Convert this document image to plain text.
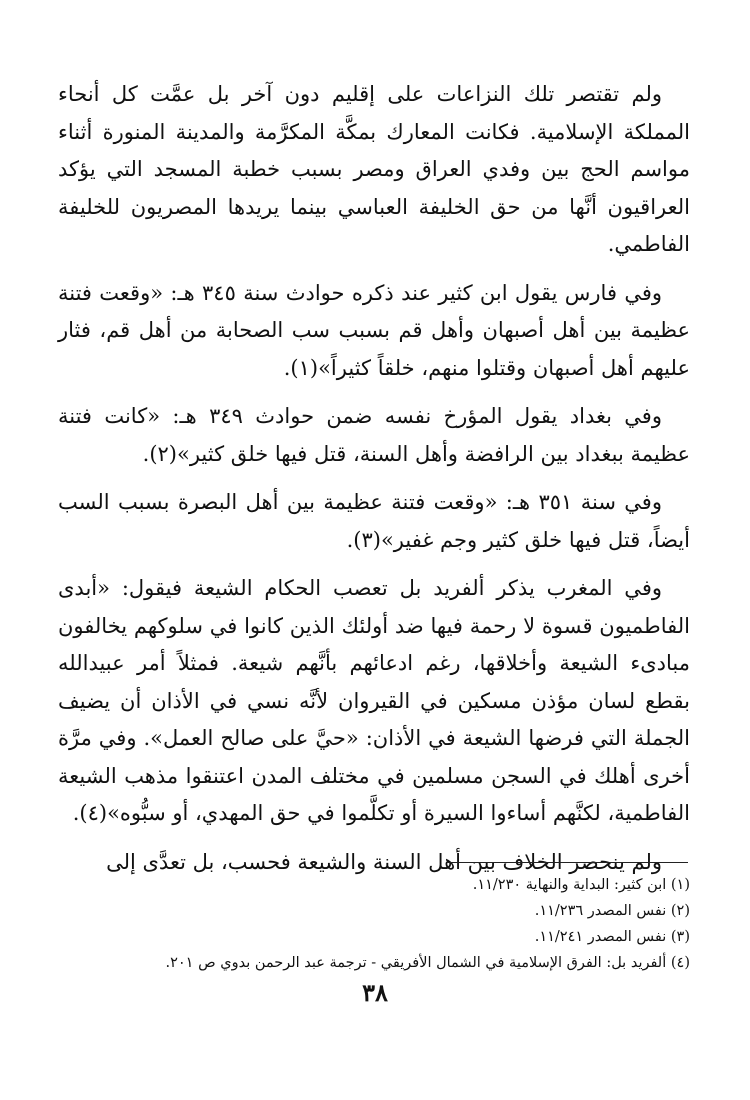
ولم تقتصر تلك النزاعات على إقليم دون آخر بل عمَّت كل أنحاء المملكة الإسلامية. فكانت المعارك بمكَّة المكرَّمة والمدينة المنورة أثناء مواسم الحج بين وفدي العراق ومصر بسبب خطبة المسجد التي يؤكد العراقيون أنَّها من حق الخليفة العباسي بينما يريدها المصريون للخليفة الفاطمي.

وفي فارس يقول ابن كثير عند ذكره حوادث سنة ٣٤٥ هـ: «وقعت فتنة عظيمة بين أهل أصبهان وأهل قم بسبب سب الصحابة من أهل قم، فثار عليهم أهل أصبهان وقتلوا منهم، خلقاً كثيراً»(١).

وفي بغداد يقول المؤرخ نفسه ضمن حوادث ٣٤٩ هـ: «كانت فتنة عظيمة ببغداد بين الرافضة وأهل السنة، قتل فيها خلق كثير»(٢).

وفي سنة ٣٥١ هـ: «وقعت فتنة عظيمة بين أهل البصرة بسبب السب أيضاً، قتل فيها خلق كثير وجم غفير»(٣).

وفي المغرب يذكر ألفريد بل تعصب الحكام الشيعة فيقول: «أبدى الفاطميون قسوة لا رحمة فيها ضد أولئك الذين كانوا في سلوكهم يخالفون مبادىء الشيعة وأخلاقها، رغم ادعائهم بأنَّهم شيعة. فمثلاً أمر عبيدالله بقطع لسان مؤذن مسكين في القيروان لأنَّه نسي في الأذان أن يضيف الجملة التي فرضها الشيعة في الأذان: «حيَّ على صالح العمل». وفي مرَّة أخرى أهلك في السجن مسلمين في مختلف المدن اعتنقوا مذهب الشيعة الفاطمية، لكنَّهم أساءوا السيرة أو تكلَّموا في حق المهدي، أو سبُّوه»(٤).

ولم ينحصر الخلاف بين أهل السنة والشيعة فحسب، بل تعدَّى إلى

(١) ابن كثير: البداية والنهاية ١١/٢٣٠.

(٢) نفس المصدر ١١/٢٣٦.

(٣) نفس المصدر ١١/٢٤١.

(٤) ألفريد بل: الفرق الإسلامية في الشمال الأفريقي - ترجمة عبد الرحمن بدوي ص ٢٠١.

٣٨
